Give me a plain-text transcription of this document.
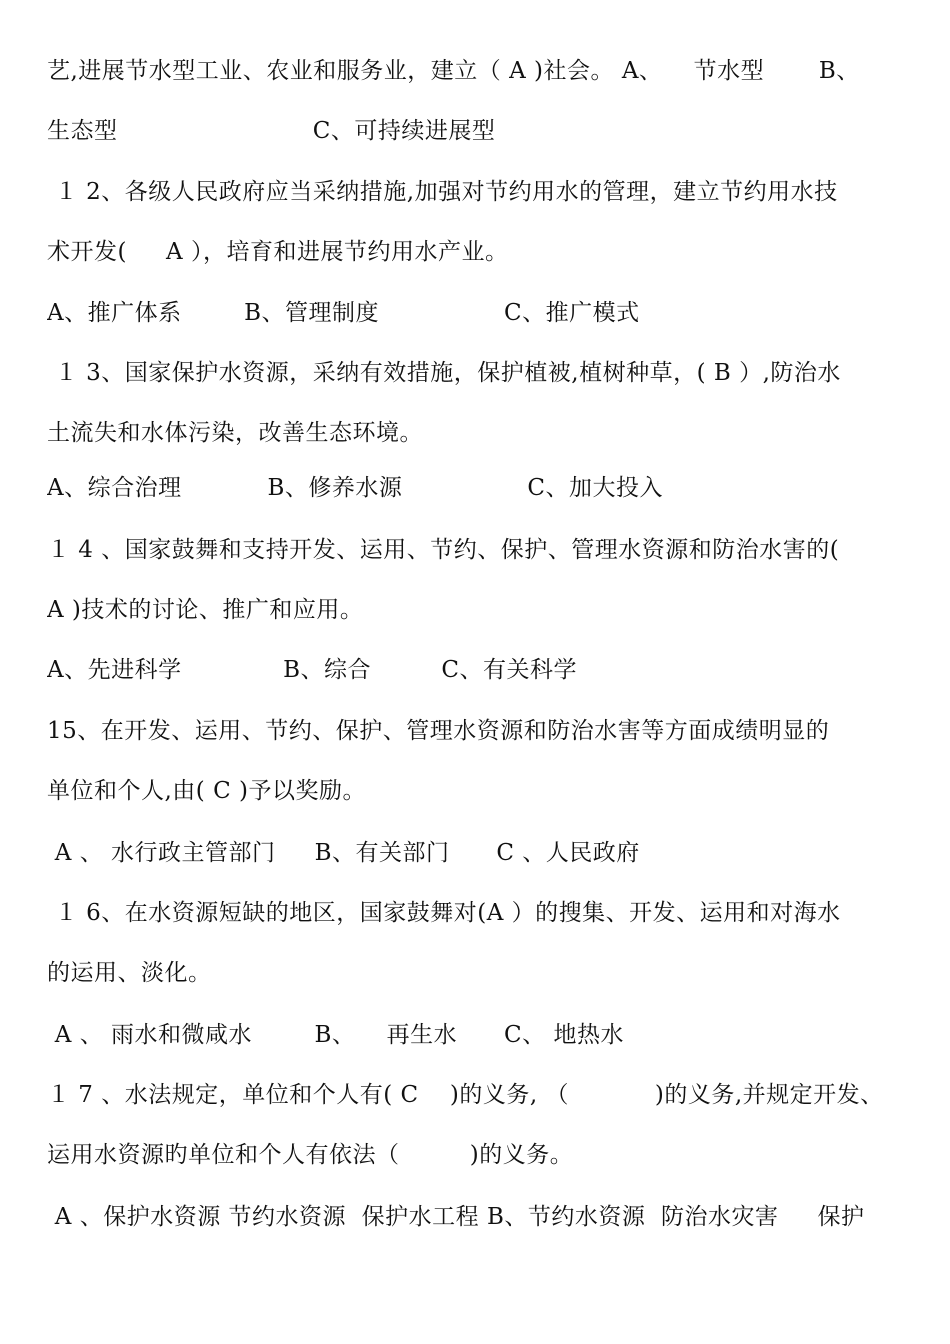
艺,进展节水型工业、农业和服务业，建立（ A )社会。 A、    节水型       B、
生态型                         C、可持续进展型
１ 2、各级人民政府应当采纳措施,加强对节约用水的管理，建立节约用水技
术开发(     A ），培育和进展节约用水产业。
A、推广体系        B、管理制度                C、推广模式
１ 3、国家保护水资源，采纳有效措施，保护植被,植树种草，( B ）,防治水
土流失和水体污染，改善生态环境。
A、综合治理           B、修养水源                C、加大投入
１ 4 、国家鼓舞和支持开发、运用、节约、保护、管理水资源和防治水害的(
A )技术的讨论、推广和应用。
A、先进科学             B、综合         C、有关科学
15、在开发、运用、节约、保护、管理水资源和防治水害等方面成绩明显的
单位和个人,由( C )予以奖励。
A 、 水行政主管部门     B、有关部门      C 、人民政府
１ 6、在水资源短缺的地区，国家鼓舞对(A ）的搜集、开发、运用和对海水
的运用、淡化。
A 、 雨水和微咸水        B、    再生水      C、 地热水
１ 7 、水法规定，单位和个人有( C    )的义务, （           )的义务,并规定开发、
运用水资源旳单位和个人有依法（         )的义务。
A 、保护水资源 节约水资源  保护水工程 B、节约水资源  防治水灾害     保护
